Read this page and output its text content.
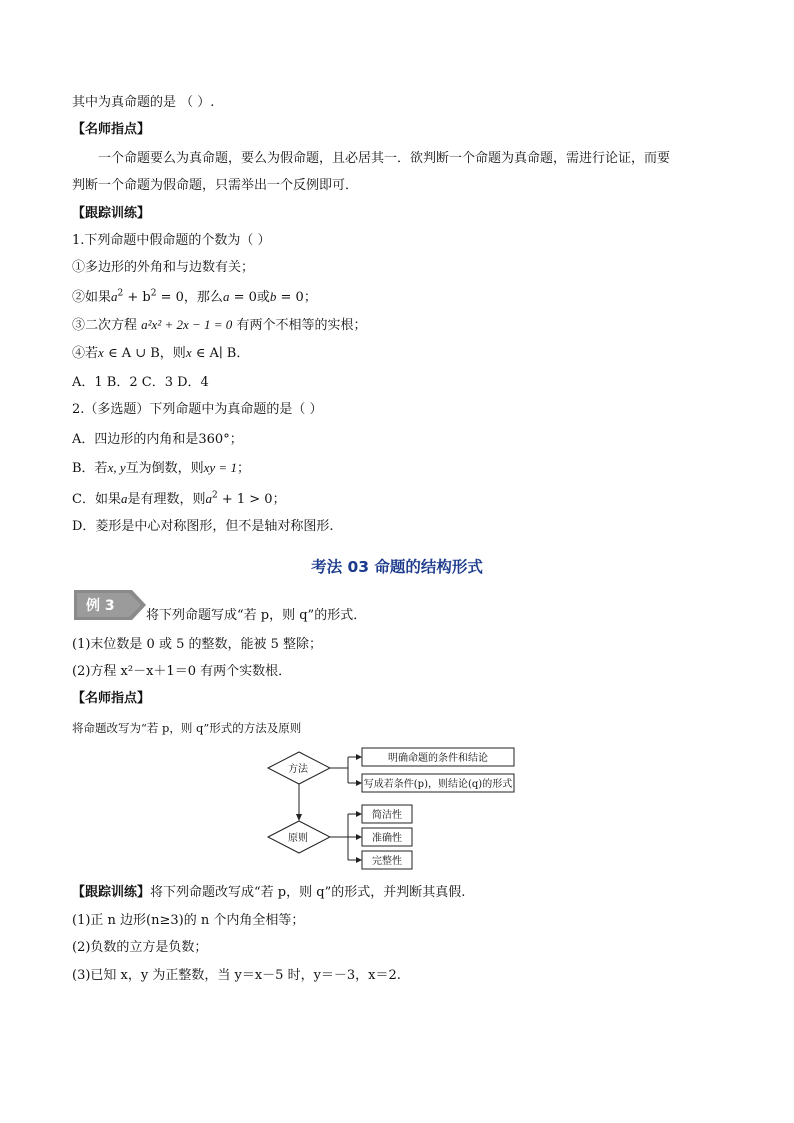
其中为真命题的是 （ ）.
【名师指点】
一个命题要么为真命题，要么为假命题，且必居其一．欲判断一个命题为真命题，需进行论证，而要
判断一个命题为假命题，只需举出一个反例即可．
【跟踪训练】
1.下列命题中假命题的个数为（ ）
①多边形的外角和与边数有关；
②如果$a^2 + b^2 = 0$，那么a = 0或b = 0；
③二次方程 a²x² + 2x − 1 = 0 有两个不相等的实根；
④若x ∈ A ∪ B，则x ∈ A∣ B．
A．1 B．2 C．3 D．4
2.（多选题）下列命题中为真命题的是（ ）
A．四边形的内角和是360°；
B．若x, y互为倒数，则xy = 1；
C．如果a是有理数，则$a^2 + 1 > 0$；
D．菱形是中心对称图形，但不是轴对称图形.
考法 03 命题的结构形式
例 3
将下列命题写成“若 p，则 q”的形式．
(1)末位数是 0 或 5 的整数，能被 5 整除；
(2)方程 x²－x＋1＝0 有两个实数根．
【名师指点】
将命题改写为“若 p，则 q”形式的方法及原则
方法
原则
明确命题的条件和结论
写成若条件(p)，则结论(q)的形式
简洁性
准确性
完整性
【跟踪训练】将下列命题改写成“若 p，则 q”的形式，并判断其真假.
(1)正 n 边形(n≥3)的 n 个内角全相等；
(2)负数的立方是负数；
(3)已知 x，y 为正整数，当 y＝x－5 时，y＝－3，x＝2.
